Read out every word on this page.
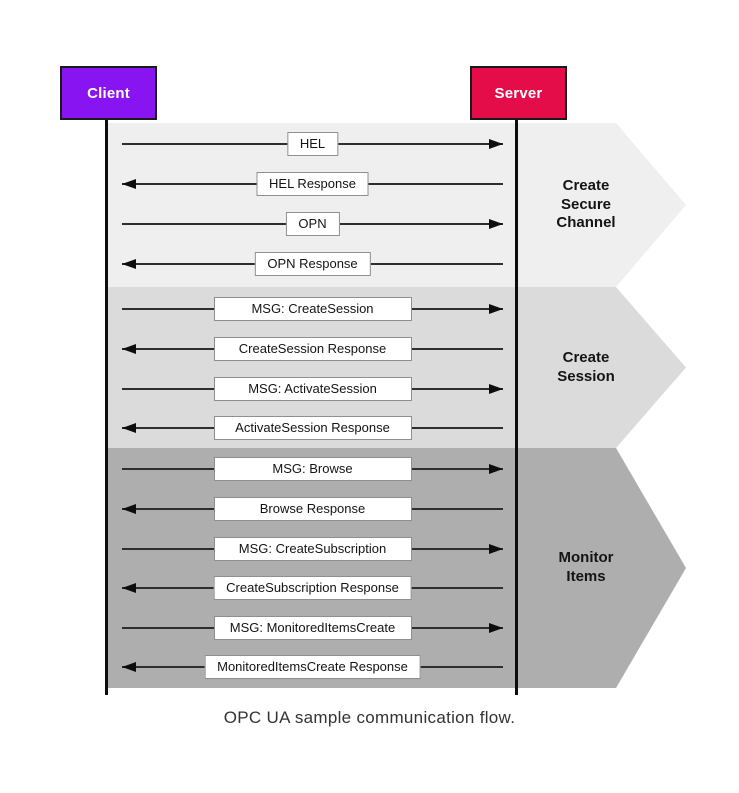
Client	Server
Create Secure Channel
Create Session
Monitor Items
HEL
HEL Response
OPN
OPN Response
MSG: CreateSession
CreateSession Response
MSG: ActivateSession
ActivateSession Response
MSG: Browse
Browse Response
MSG: CreateSubscription
CreateSubscription Response
MSG: MonitoredItemsCreate
MonitoredItemsCreate Response
OPC UA sample communication flow.
